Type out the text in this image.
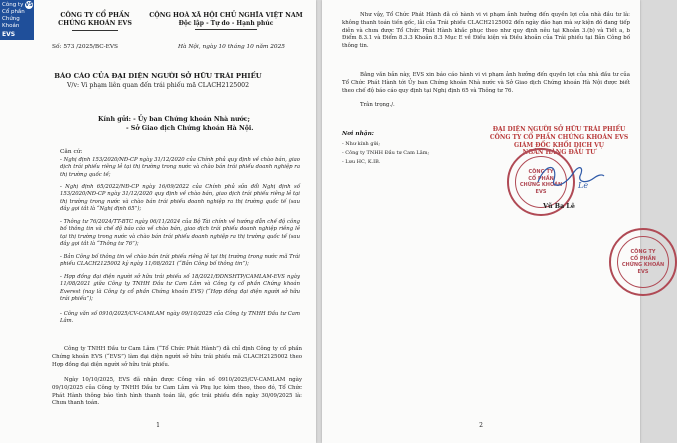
Công ty
Cổ phần
Chứng
Khoán
VS
EVS

CÔNG TY CỔ PHẦN
CHỨNG KHOÁN EVS

CỘNG HOÀ XÃ HỘI CHỦ NGHĨA VIỆT NAM

Độc lập - Tự do - Hạnh phúc

Số: 573 /2025/BC-EVS	Hà Nội, ngày 10 tháng 10 năm 2025

BÁO CÁO CỦA ĐẠI DIỆN NGƯỜI SỞ HỮU TRÁI PHIẾU

V/v: Vi phạm liên quan đến trái phiếu mã CLACH2125002

Kính gửi: - Ủy ban Chứng khoán Nhà nước;

- Sở Giao dịch Chứng khoán Hà Nội.

Căn cứ:

- Nghị định 153/2020/NĐ-CP ngày 31/12/2020 của Chính phủ quy định về chào bán, giao dịch trái phiếu riêng lẻ tại thị trường trong nước và chào bán trái phiếu doanh nghiệp ra thị trường quốc tế;

- Nghị định 65/2022/NĐ-CP ngày 16/09/2022 của Chính phủ sửa đổi Nghị định số 153/2020/NĐ-CP ngày 31/12/2020 quy định về chào bán, giao dịch trái phiếu riêng lẻ tại thị trường trong nước và chào bán trái phiếu doanh nghiệp ra thị trường quốc tế (sau đây gọi tắt là “Nghị định 65”);

- Thông tư 76/2024/TT-BTC ngày 06/11/2024 của Bộ Tài chính về hướng dẫn chế độ công bố thông tin và chế độ báo cáo về chào bán, giao dịch trái phiếu doanh nghiệp riêng lẻ tại thị trường trong nước và chào bán trái phiếu doanh nghiệp ra thị trường quốc tế (sau đây gọi tắt là “Thông tư 76”);

- Bản Công bố thông tin về chào bán trái phiếu riêng lẻ tại thị trường trong nước mã Trái phiếu CLACH2125002 ký ngày 11/08/2021 (“Bản Công bố thông tin”);

- Hợp đồng đại diện người sở hữu trái phiếu số 18/2021/ĐDNSHTP/CAMLAM-EVS ngày 11/08/2021 giữa Công ty TNHH Đầu tư Cam Lâm và Công ty cổ phần Chứng khoán Everest (nay là Công ty cổ phần Chứng khoán EVS) (“Hợp đồng đại diện người sở hữu trái phiếu”);

- Công văn số 0910/2025/CV-CAMLAM ngày 09/10/2025 của Công ty TNHH Đầu tư Cam Lâm.

Công ty TNHH Đầu tư Cam Lâm (“Tổ Chức Phát Hành”) đã chỉ định Công ty cổ phần Chứng khoán EVS (“EVS”) làm đại diện người sở hữu trái phiếu mã CLACH2125002 theo Hợp đồng đại diện người sở hữu trái phiếu.

Ngày 10/10/2025, EVS đã nhận được Công văn số 0910/2025/CV-CAMLAM ngày 09/10/2025 của Công ty TNHH Đầu tư Cam Lâm và Phụ lục kèm theo, theo đó, Tổ Chức Phát Hành thông báo tình hình thanh toán lãi, gốc trái phiếu đến ngày 30/09/2025 là: Chưa thanh toán.

1

Như vậy, Tổ Chức Phát Hành đã có hành vi vi phạm ảnh hưởng đến quyền lợi của nhà đầu tư là: không thanh toán tiền gốc, lãi của Trái phiếu CLACH2125002 đến ngày đáo hạn mà sự kiện đó đang tiếp diễn và chưa được Tổ Chức Phát Hành khắc phục theo như quy định nêu tại Khoản 3.(b) và Tiết a, b Điểm 8.3.1 và Điểm 8.3.3 Khoản 8.3 Mục E về Điều kiện và Điều khoản của Trái phiếu tại Bản Công bố thông tin.

Bằng văn bản này, EVS xin báo cáo hành vi vi phạm ảnh hưởng đến quyền lợi của nhà đầu tư của Tổ Chức Phát Hành tới Ủy ban Chứng khoán Nhà nước và Sở Giao dịch Chứng khoán Hà Nội được biết theo chế độ báo cáo quy định tại Nghị định 65 và Thông tư 76.

Trân trọng./.

Nơi nhận:

- Như kính gửi;

- Công ty TNHH Đầu tư Cam Lâm;

- Lưu HC, K.IB.

ĐẠI DIỆN NGƯỜI SỞ HỮU TRÁI PHIẾU

CÔNG TY CỔ PHẦN CHỨNG KHOÁN EVS

GIÁM ĐỐC KHỐI DỊCH VỤ

NGÂN HÀNG ĐẦU TƯ

CÔNG TY
CỔ PHẦN
CHỨNG KHOÁN
EVS
Le

Vũ Ba Lê

CÔNG TY
CỔ PHẦN
CHỨNG KHOÁN
EVS

2
